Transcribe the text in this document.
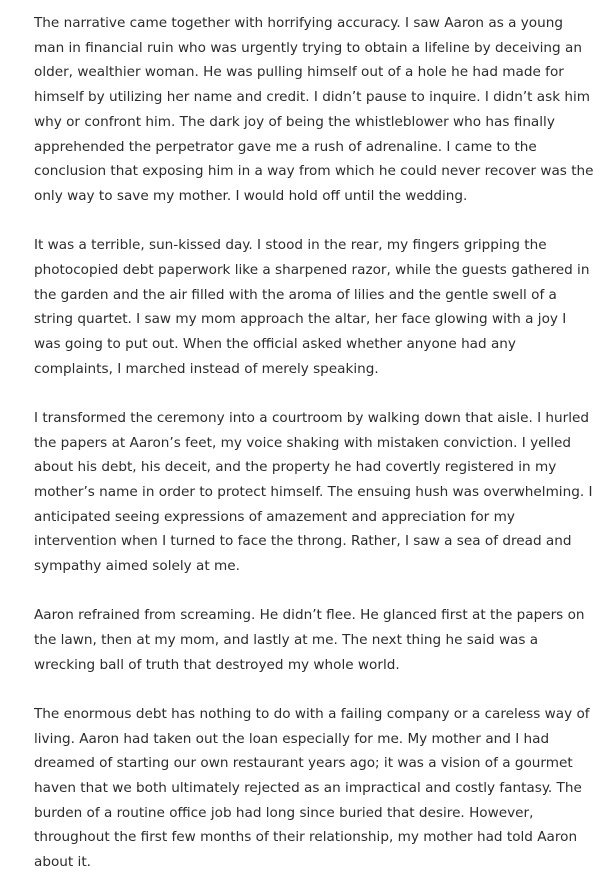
The narrative came together with horrifying accuracy. I saw Aaron as a young man in financial ruin who was urgently trying to obtain a lifeline by deceiving an older, wealthier woman. He was pulling himself out of a hole he had made for himself by utilizing her name and credit. I didn’t pause to inquire. I didn’t ask him why or confront him. The dark joy of being the whistleblower who has finally apprehended the perpetrator gave me a rush of adrenaline. I came to the conclusion that exposing him in a way from which he could never recover was the only way to save my mother. I would hold off until the wedding.

It was a terrible, sun-kissed day. I stood in the rear, my fingers gripping the photocopied debt paperwork like a sharpened razor, while the guests gathered in the garden and the air filled with the aroma of lilies and the gentle swell of a string quartet. I saw my mom approach the altar, her face glowing with a joy I was going to put out. When the official asked whether anyone had any complaints, I marched instead of merely speaking.

I transformed the ceremony into a courtroom by walking down that aisle. I hurled the papers at Aaron’s feet, my voice shaking with mistaken conviction. I yelled about his debt, his deceit, and the property he had covertly registered in my mother’s name in order to protect himself. The ensuing hush was overwhelming. I anticipated seeing expressions of amazement and appreciation for my intervention when I turned to face the throng. Rather, I saw a sea of dread and sympathy aimed solely at me.

Aaron refrained from screaming. He didn’t flee. He glanced first at the papers on the lawn, then at my mom, and lastly at me. The next thing he said was a wrecking ball of truth that destroyed my whole world.

The enormous debt has nothing to do with a failing company or a careless way of living. Aaron had taken out the loan especially for me. My mother and I had dreamed of starting our own restaurant years ago; it was a vision of a gourmet haven that we both ultimately rejected as an impractical and costly fantasy. The burden of a routine office job had long since buried that desire. However, throughout the first few months of their relationship, my mother had told Aaron about it.
